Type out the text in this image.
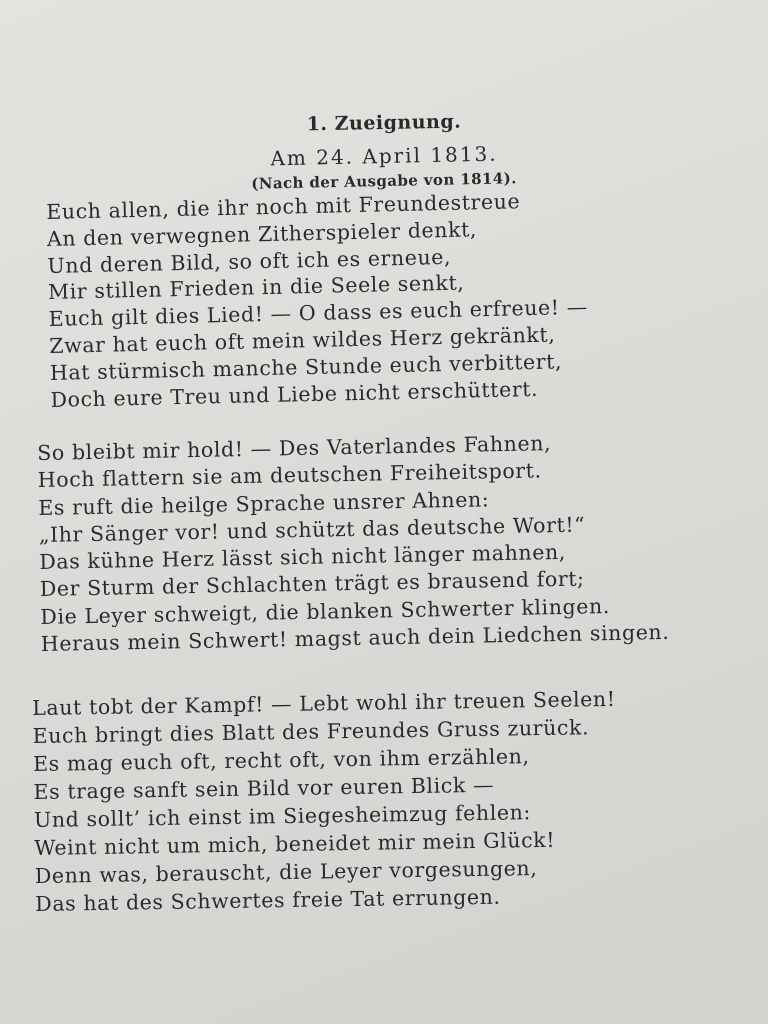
1. Zueignung.
Am 24. April 1813.
(Nach der Ausgabe von 1814).
Euch allen, die ihr noch mit Freundestreue
An den verwegnen Zitherspieler denkt,
Und deren Bild, so oft ich es erneue,
Mir stillen Frieden in die Seele senkt,
Euch gilt dies Lied! — O dass es euch erfreue! —
Zwar hat euch oft mein wildes Herz gekränkt,
Hat stürmisch manche Stunde euch verbittert,
Doch eure Treu und Liebe nicht erschüttert.
So bleibt mir hold! — Des Vaterlandes Fahnen,
Hoch flattern sie am deutschen Freiheitsport.
Es ruft die heilge Sprache unsrer Ahnen:
„Ihr Sänger vor! und schützt das deutsche Wort!“
Das kühne Herz lässt sich nicht länger mahnen,
Der Sturm der Schlachten trägt es brausend fort;
Die Leyer schweigt, die blanken Schwerter klingen.
Heraus mein Schwert! magst auch dein Liedchen singen.
Laut tobt der Kampf! — Lebt wohl ihr treuen Seelen!
Euch bringt dies Blatt des Freundes Gruss zurück.
Es mag euch oft, recht oft, von ihm erzählen,
Es trage sanft sein Bild vor euren Blick —
Und sollt’ ich einst im Siegesheimzug fehlen:
Weint nicht um mich, beneidet mir mein Glück!
Denn was, berauscht, die Leyer vorgesungen,
Das hat des Schwertes freie Tat errungen.
